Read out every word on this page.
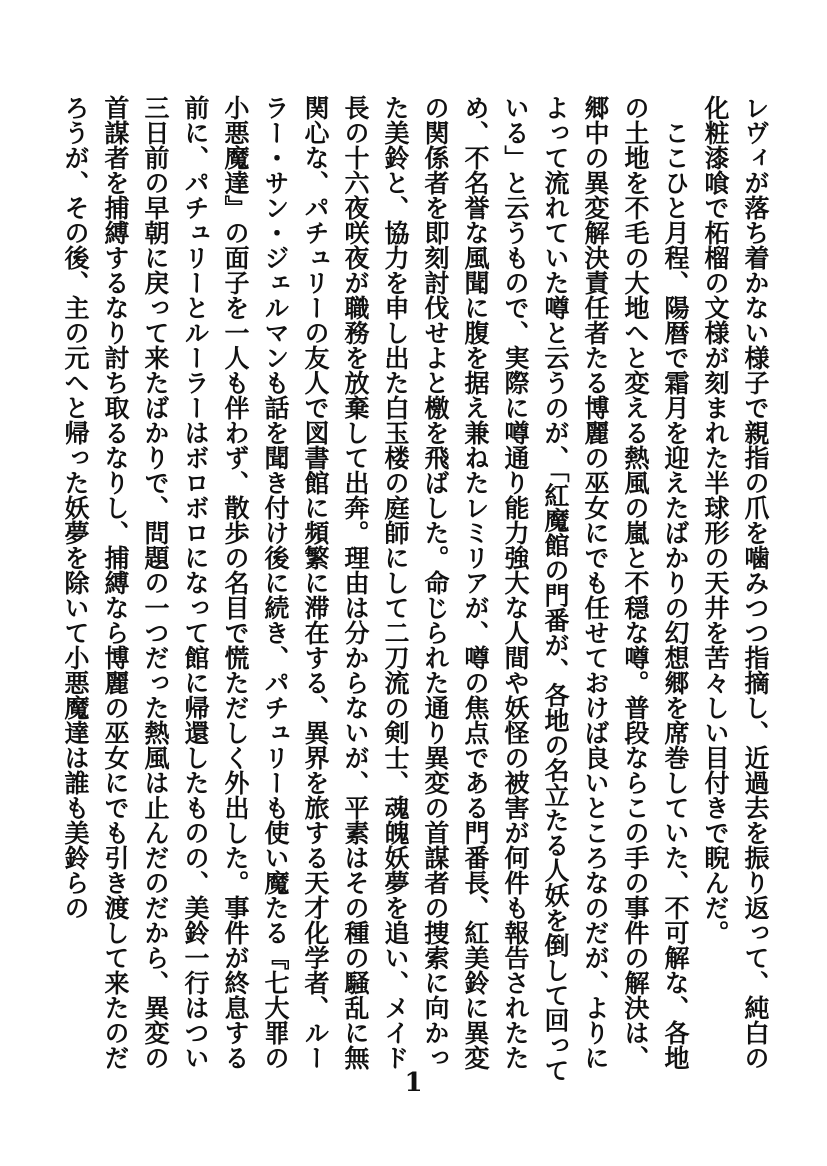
レヴィが落ち着かない様子で親指の爪を噛みつつ指摘し、近過去を振り返って、純白の化粧漆喰で柘榴の文様が刻まれた半球形の天井を苦々しい目付きで睨んだ。

ここひと月程、陽暦で霜月を迎えたばかりの幻想郷を席巻していた、不可解な、各地の土地を不毛の大地へと変える熱風の嵐と不穏な噂。普段ならこの手の事件の解決は、郷中の異変解決責任者たる博麗の巫女にでも任せておけば良いところなのだが、よりによって流れていた噂と云うのが、「紅魔館の門番が、各地の名立たる人妖を倒して回っている」と云うもので、実際に噂通り能力強大な人間や妖怪の被害が何件も報告されたため、不名誉な風聞に腹を据え兼ねたレミリアが、噂の焦点である門番長、紅美鈴に異変の関係者を即刻討伐せよと檄を飛ばした。命じられた通り異変の首謀者の捜索に向かった美鈴と、協力を申し出た白玉楼の庭師にして二刀流の剣士、魂魄妖夢を追い、メイド長の十六夜咲夜が職務を放棄して出奔。理由は分からないが、平素はその種の騒乱に無関心な、パチュリーの友人で図書館に頻繁に滞在する、異界を旅する天才化学者、ルーラー・サン・ジェルマンも話を聞き付け後に続き、パチュリーも使い魔たる『七大罪の小悪魔達』の面子を一人も伴わず、散歩の名目で慌ただしく外出した。事件が終息する前に、パチュリーとルーラーはボロボロになって館に帰還したものの、美鈴一行はつい三日前の早朝に戻って来たばかりで、問題の一つだった熱風は止んだのだから、異変の首謀者を捕縛するなり討ち取るなりし、捕縛なら博麗の巫女にでも引き渡して来たのだろうが、その後、主の元へと帰った妖夢を除いて小悪魔達は誰も美鈴らの

1
